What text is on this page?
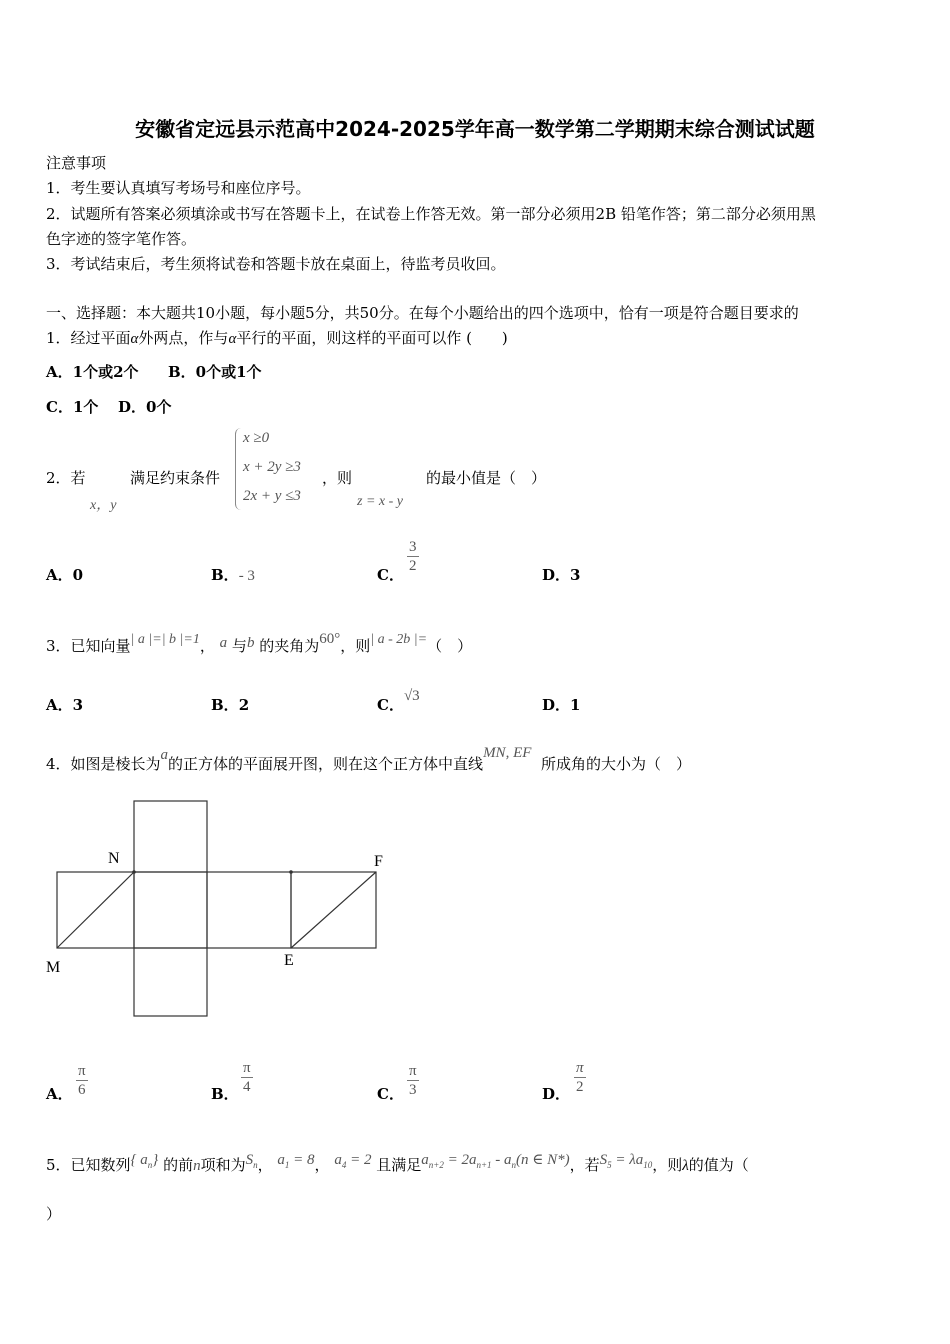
安徽省定远县示范高中2024-2025学年高一数学第二学期期末综合测试试题
注意事项
1．考生要认真填写考场号和座位序号。
2．试题所有答案必须填涂或书写在答题卡上，在试卷上作答无效。第一部分必须用2B 铅笔作答；第二部分必须用黑
色字迹的签字笔作答。
3．考试结束后，考生须将试卷和答题卡放在桌面上，待监考员收回。
一、选择题：本大题共10小题，每小题5分，共50分。在每个小题给出的四个选项中，恰有一项是符合题目要求的
1．经过平面α外两点，作与α平行的平面，则这样的平面可以作 (　　)
A．1个或2个 B．0个或1个
C．1个 D．0个
2．若
x，y
满足约束条件
x ≥0
x + 2y ≥3
2x + y ≤3
，则
z = x - y
的最小值是（　）
A．0	B．- 3	C． $\frac{3}{2}$	D．3
3．已知向量| a |=| b |=1， a 与b 的夹角为60°，则| a - 2b |=（　）
A．3	B．2	C．√3	D．1
4．如图是棱长为a的正方体的平面展开图，则在这个正方体中直线MN, EF  所成角的大小为（　）
N	F
M	E
A． $\frac{\pi}{6}$	B． $\frac{\pi}{4}$	C． $\frac{\pi}{3}$	D． $\frac{\pi}{2}$
5．已知数列{ $a_n$} 的前n项和为$S_n$， $a_1 = 8$， $a_4 = 2$ 且满足$a_{n+2} = 2a_{n+1} - a_n(n$ ∈ N*)，若$S_5 = \lambda a_{10}$，则λ的值为（
）
